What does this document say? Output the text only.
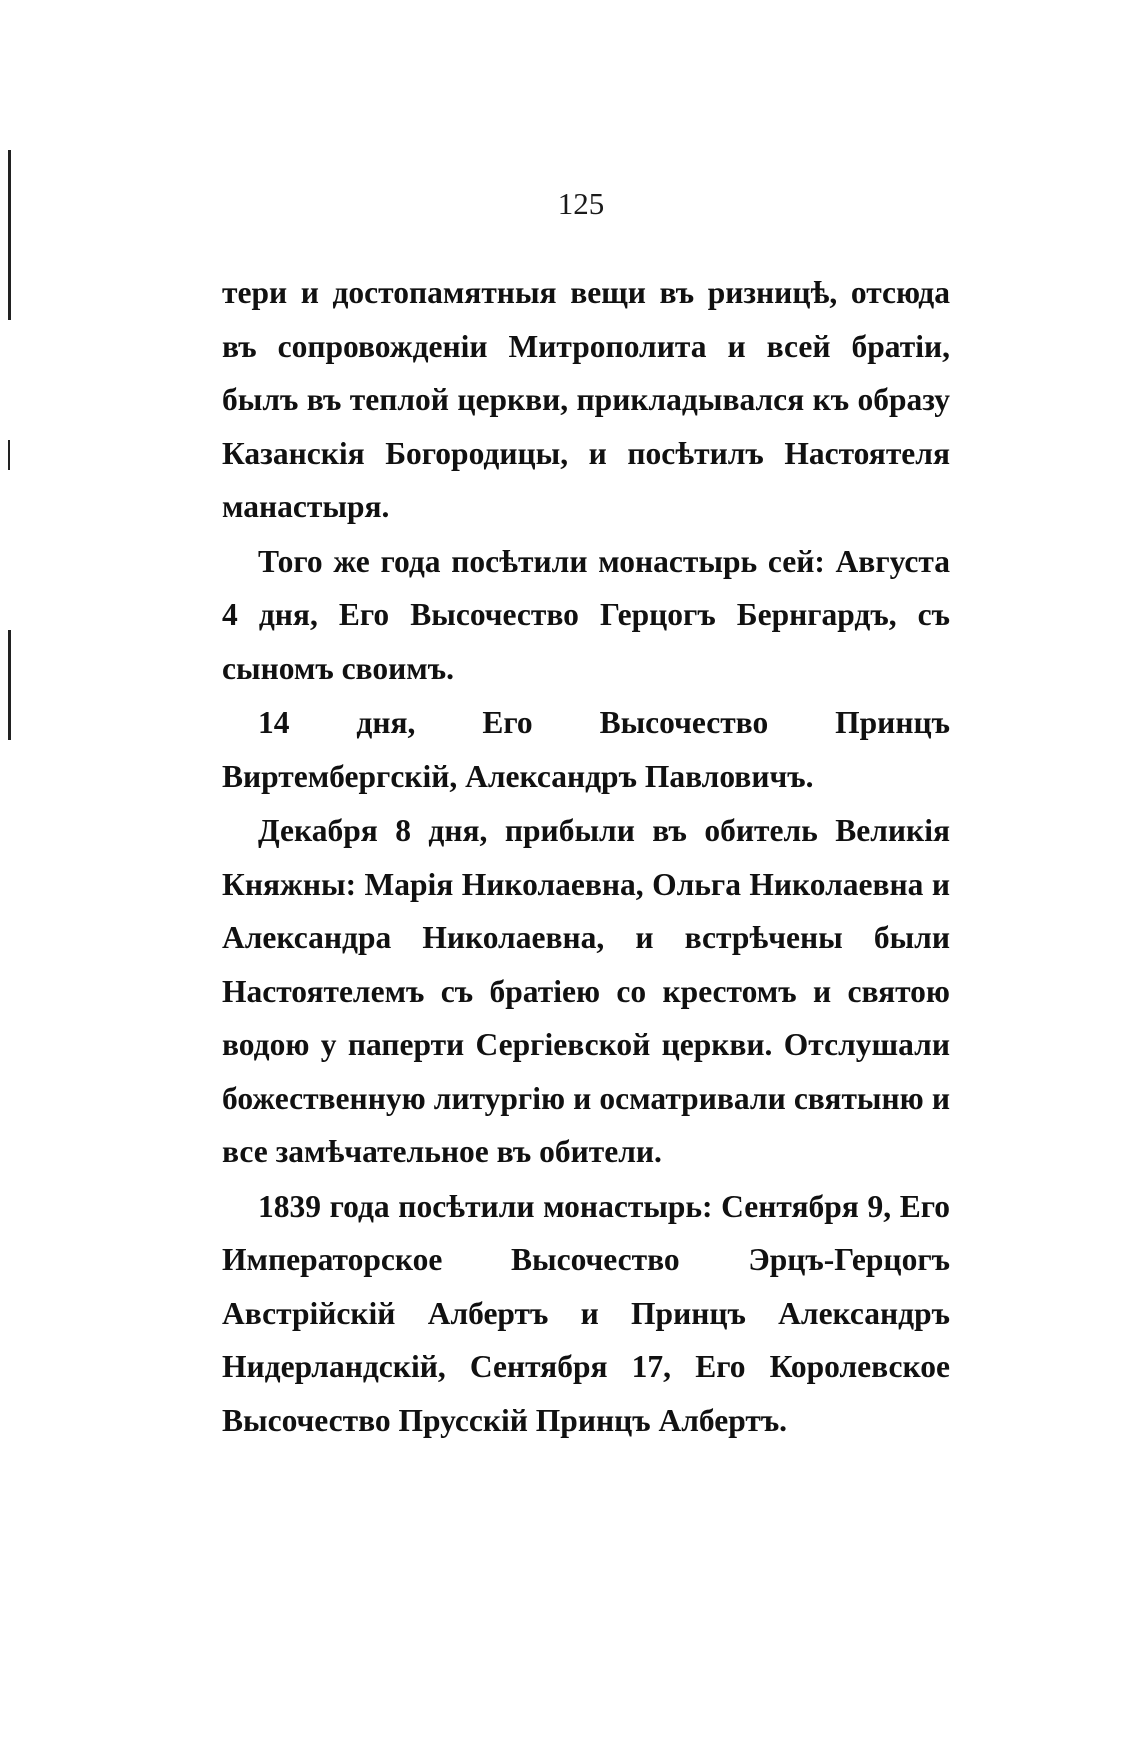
125

тери и достопамятныя вещи въ ризницѣ, отсюда въ сопровожденіи Митрополита и всей братіи, былъ въ теплой церкви, прикладывался къ образу Казанскія Богородицы, и посѣтилъ Настоятеля манастыря.

Того же года посѣтили монастырь сей: Августа 4 дня, Его Высочество Герцогъ Бернгардъ, съ сыномъ своимъ.

14 дня, Его Высочество Принцъ Виртембергскій, Александръ Павловичъ.

Декабря 8 дня, прибыли въ обитель Великія Княжны: Марія Николаевна, Ольга Николаевна и Александра Николаевна, и встрѣчены были Настоятелемъ съ братіею со крестомъ и святою водою у паперти Сергіевской церкви. Отслушали божественную литургію и осматривали святыню и все замѣчательное въ обители.

1839 года посѣтили монастырь: Сентября 9, Его Императорское Высочество Эрцъ-Герцогъ Австрійскій Албертъ и Принцъ Александръ Нидерландскій, Сентября 17, Его Королевское Высочество Прусскій Принцъ Албертъ.
